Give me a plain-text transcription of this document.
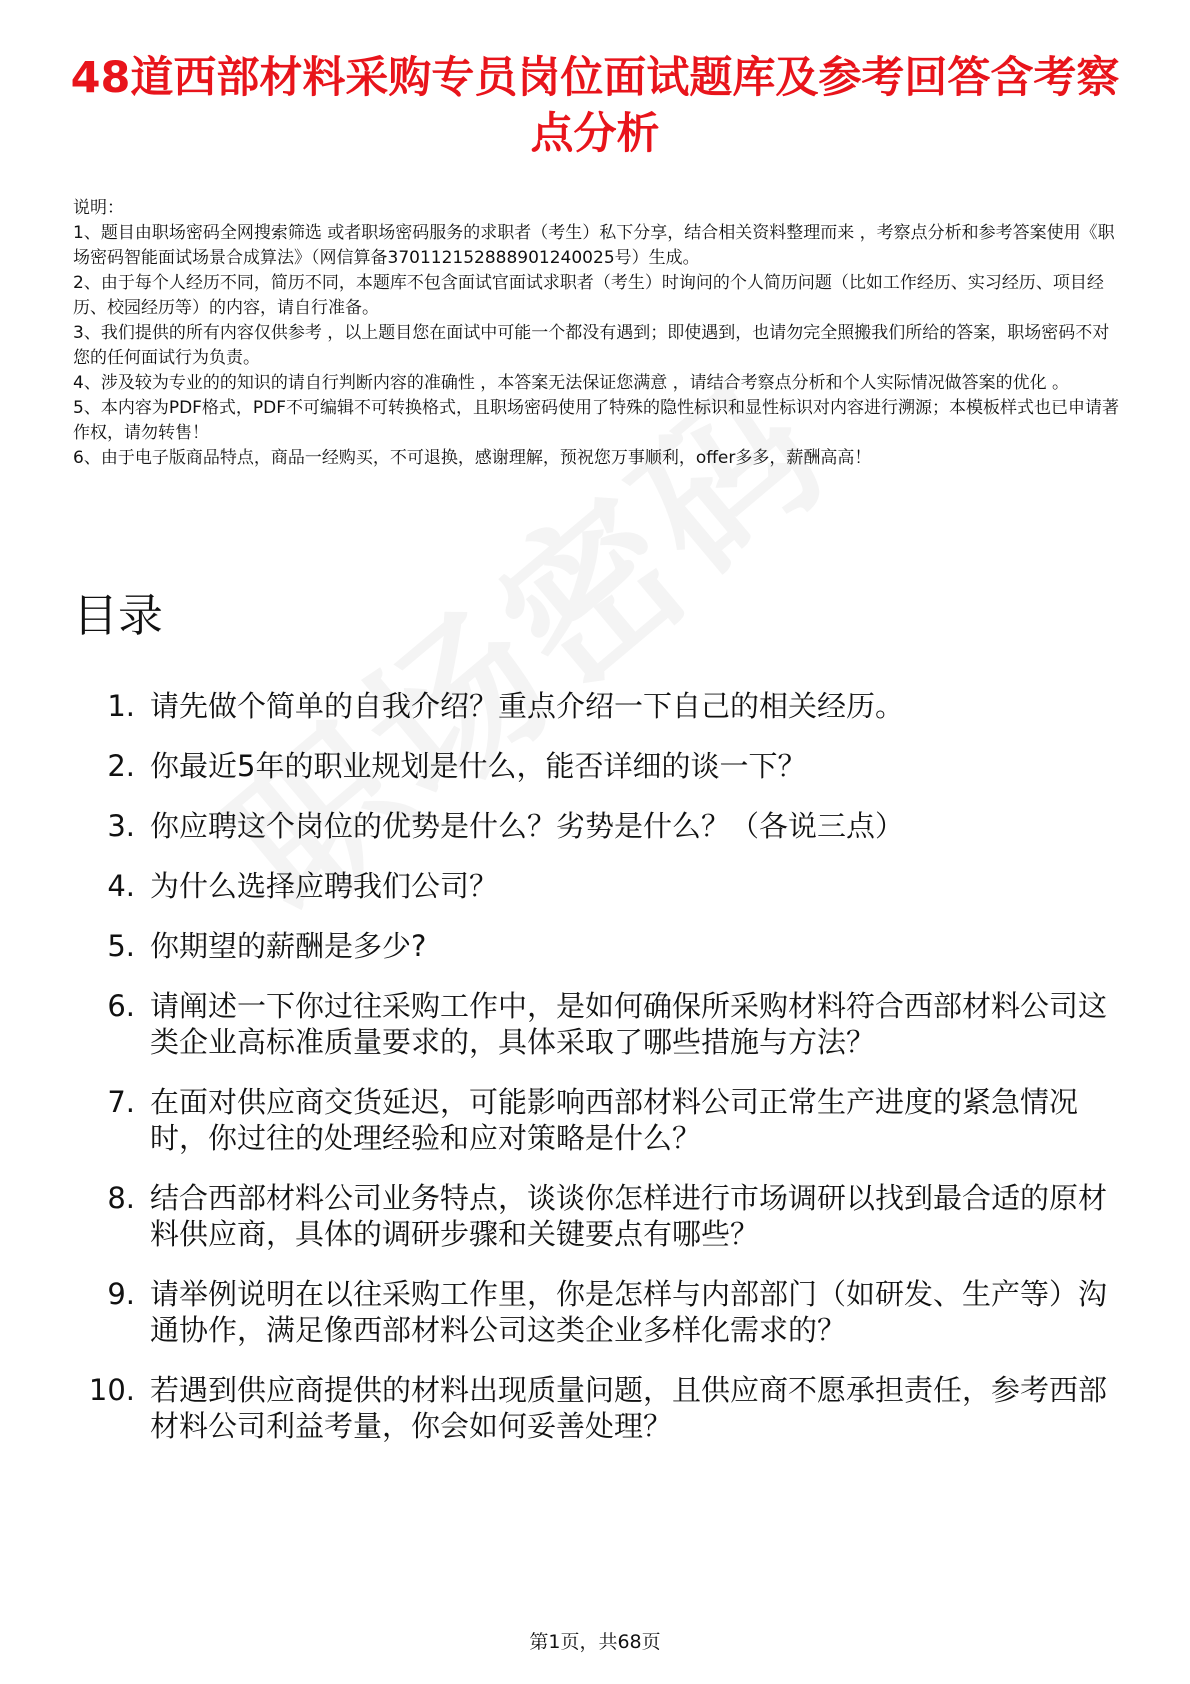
48道西部材料采购专员岗位面试题库及参考回答含考察点分析

说明：

1、题目由职场密码全网搜索筛选 或者职场密码服务的求职者（考生）私下分享，结合相关资料整理而来 ，考察点分析和参考答案使用《职场密码智能面试场景合成算法》（网信算备370112152888901240025号）生成。

2、由于每个人经历不同，简历不同，本题库不包含面试官面试求职者（考生）时询问的个人简历问题（比如工作经历、实习经历、项目经历、校园经历等）的内容，请自行准备。

3、我们提供的所有内容仅供参考 ，以上题目您在面试中可能一个都没有遇到；即使遇到，也请勿完全照搬我们所给的答案，职场密码不对您的任何面试行为负责。

4、涉及较为专业的的知识的请自行判断内容的准确性 ，本答案无法保证您满意 ，请结合考察点分析和个人实际情况做答案的优化 。

5、本内容为PDF格式，PDF不可编辑不可转换格式，且职场密码使用了特殊的隐性标识和显性标识对内容进行溯源；本模板样式也已申请著作权，请勿转售！

6、由于电子版商品特点，商品一经购买，不可退换，感谢理解，预祝您万事顺利，offer多多，薪酬高高！

目录
1. 请先做个简单的自我介绍？重点介绍一下自己的相关经历。
2. 你最近5年的职业规划是什么，能否详细的谈一下？
3. 你应聘这个岗位的优势是什么？劣势是什么？（各说三点）
4. 为什么选择应聘我们公司？
5. 你期望的薪酬是多少?
6. 请阐述一下你过往采购工作中，是如何确保所采购材料符合西部材料公司这类企业高标准质量要求的，具体采取了哪些措施与方法？
7. 在面对供应商交货延迟，可能影响西部材料公司正常生产进度的紧急情况时，你过往的处理经验和应对策略是什么？
8. 结合西部材料公司业务特点，谈谈你怎样进行市场调研以找到最合适的原材料供应商，具体的调研步骤和关键要点有哪些？
9. 请举例说明在以往采购工作里，你是怎样与内部部门（如研发、生产等）沟通协作，满足像西部材料公司这类企业多样化需求的？
10. 若遇到供应商提供的材料出现质量问题，且供应商不愿承担责任，参考西部材料公司利益考量，你会如何妥善处理？
第1页，共68页
